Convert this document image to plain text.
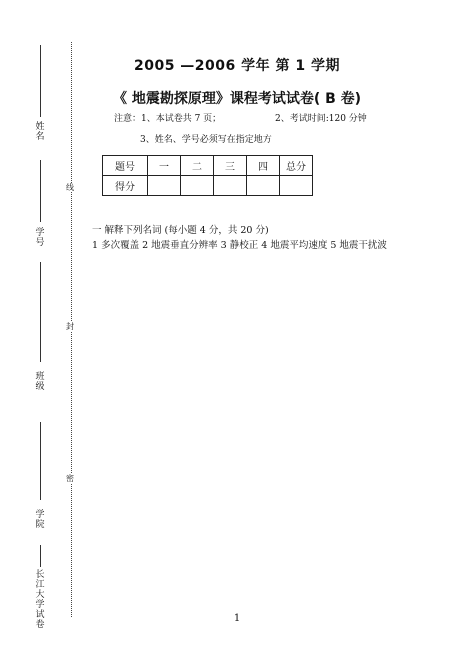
姓名
学号
班级
学院
长江大学试卷
线
封
密
2005 —2006 学年 第 1 学期
《 地震勘探原理》课程考试试卷( B 卷)
注意：1、本试卷共 7 页；	2、考试时间:120 分钟
3、姓名、学号必须写在指定地方
题号	一	二	三	四	总分
得分					
一 解释下列名词 (每小题 4 分，共 20 分)
1 多次覆盖 2 地震垂直分辨率 3 静校正 4 地震平均速度 5 地震干扰波
1
